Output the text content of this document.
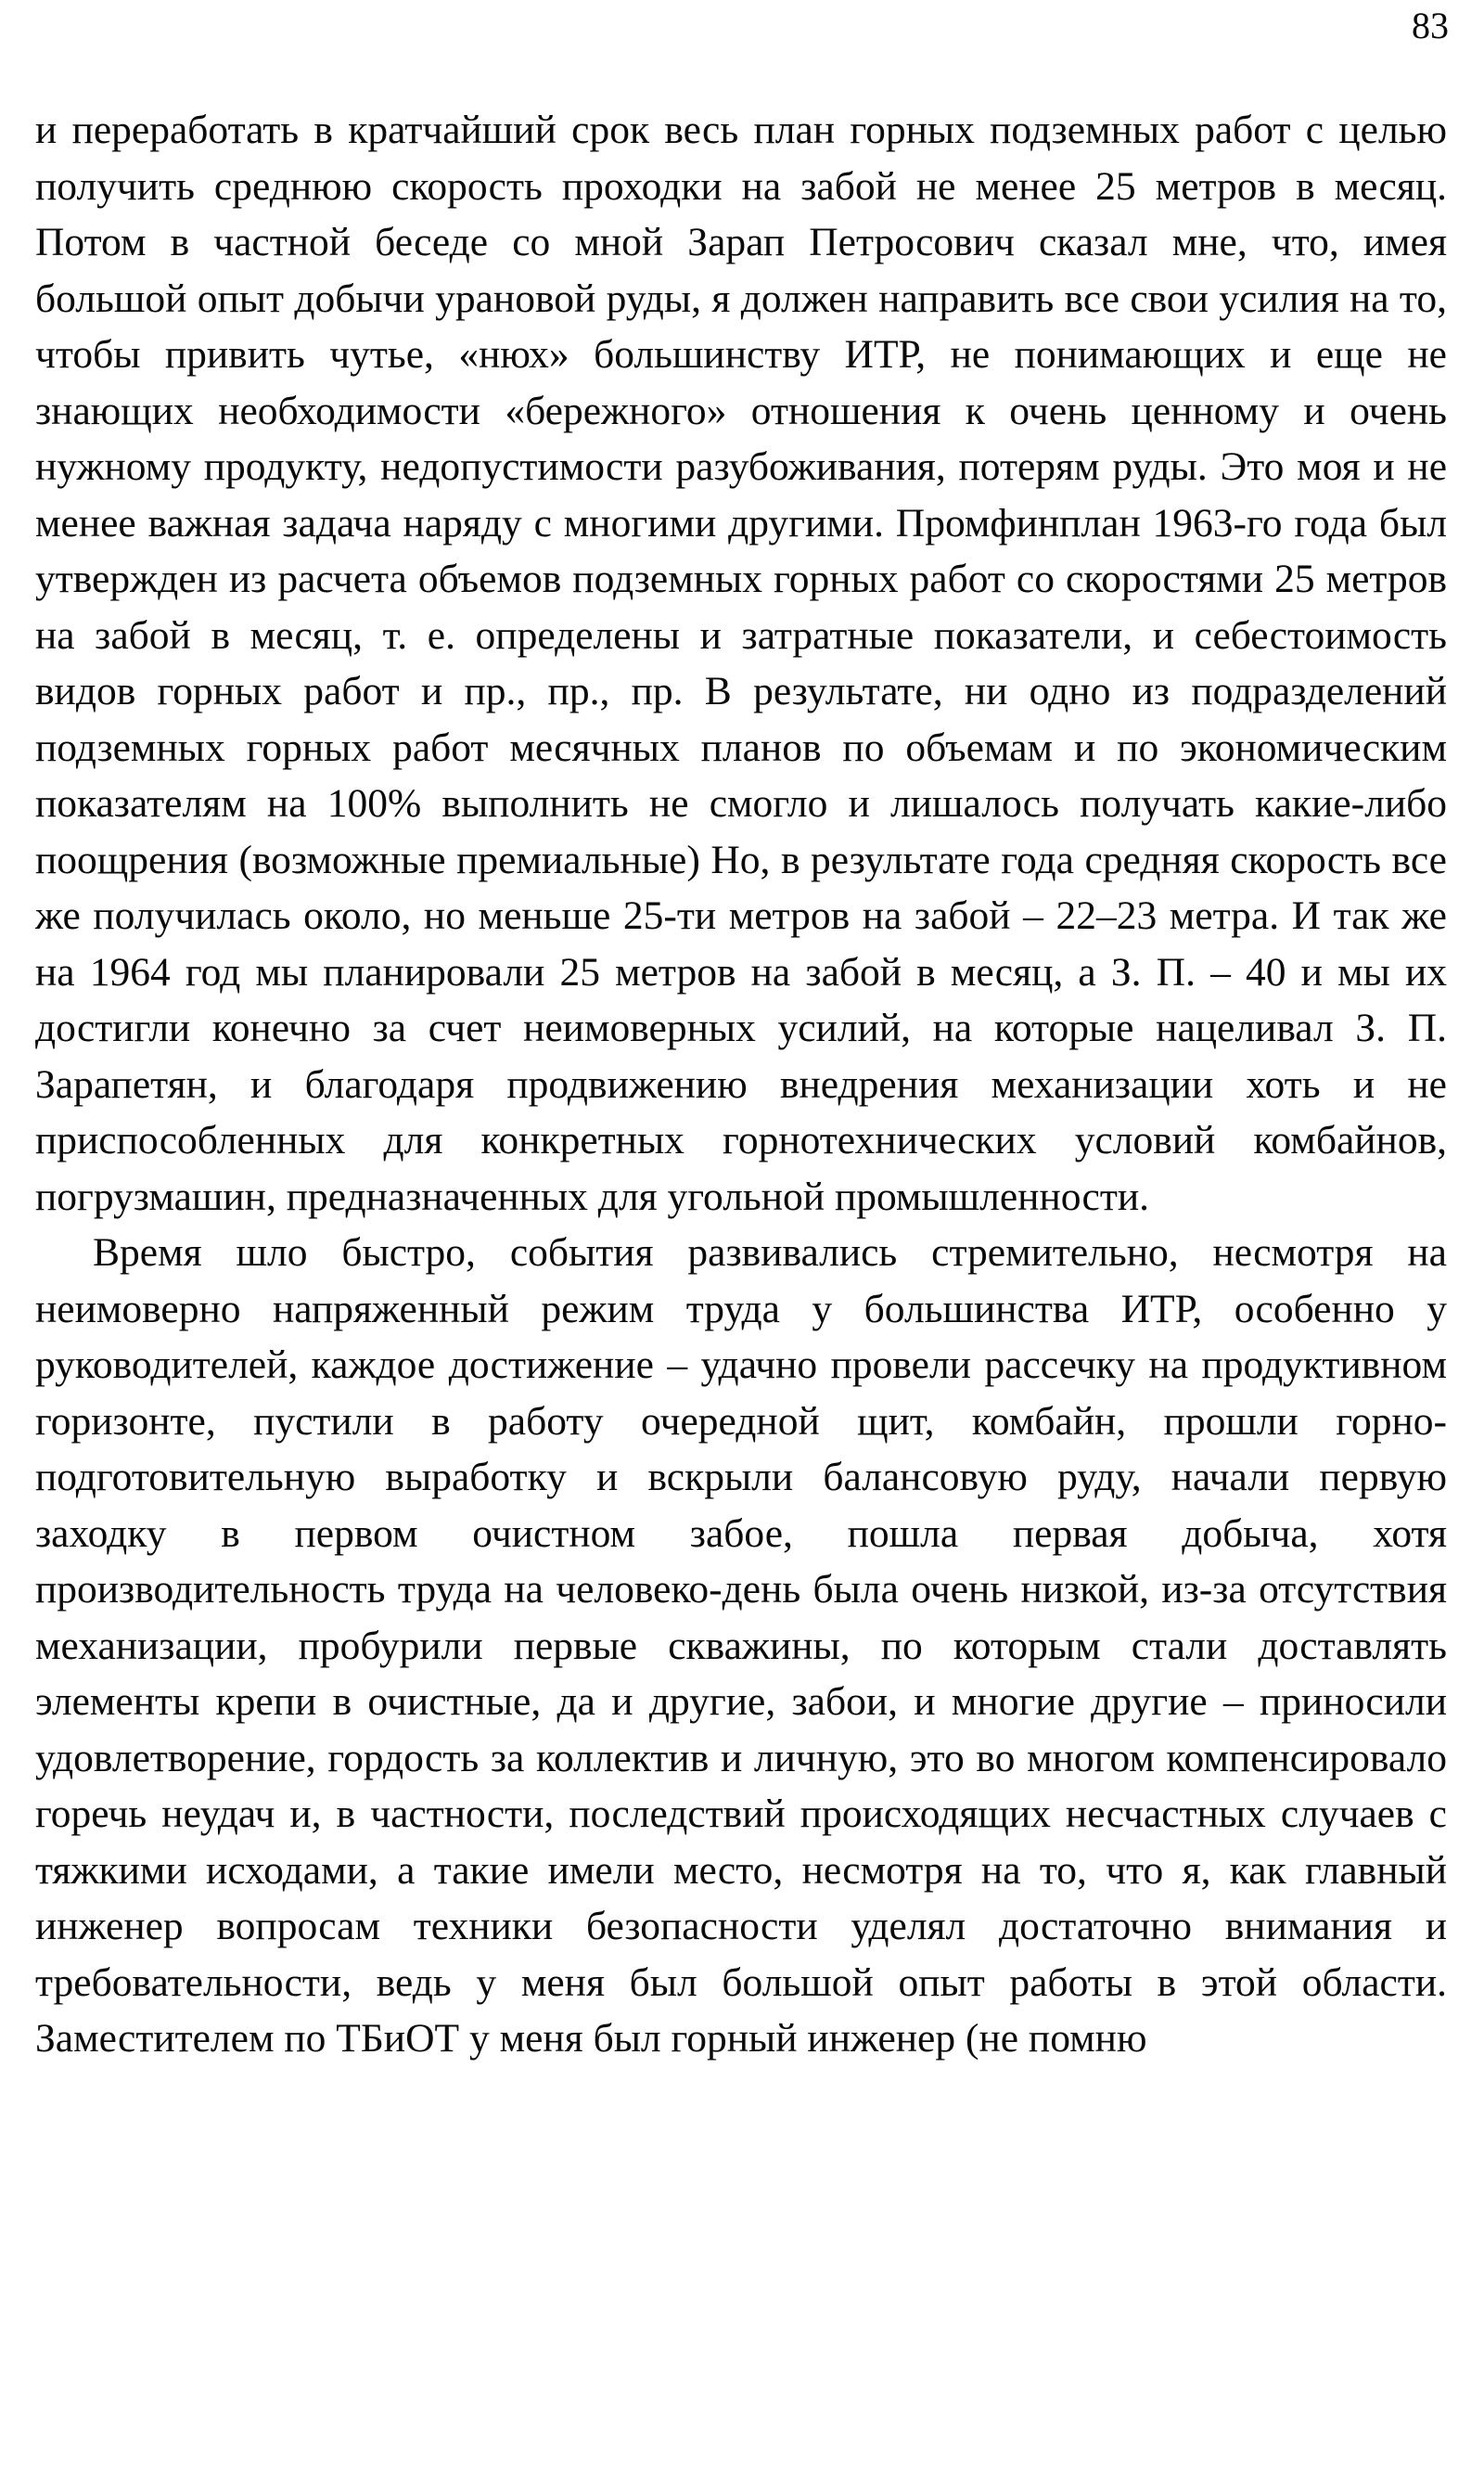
83

и переработать в кратчайший срок весь план горных подземных работ с целью получить среднюю скорость проходки на забой не менее 25 метров в месяц. Потом в частной беседе со мной Зарап Петросович сказал мне, что, имея большой опыт добычи урановой руды, я должен направить все свои усилия на то, чтобы привить чутье, «нюх» большинству ИТР, не понимающих и еще не знающих необходимости «бережного» отношения к очень ценному и очень нужному продукту, недопустимости разубоживания, потерям руды. Это моя и не менее важная задача наряду с многими другими. Промфинплан 1963-го года был утвержден из расчета объемов подземных горных работ со скоростями 25 метров на забой в месяц, т. е. определены и затратные показатели, и себестоимость видов горных работ и пр., пр., пр. В результате, ни одно из подразделений подземных горных работ месячных планов по объемам и по экономическим показателям на 100% выполнить не смогло и лишалось получать какие-либо поощрения (возможные премиальные) Но, в результате года средняя скорость все же получилась около, но меньше 25-ти метров на забой – 22–23 метра. И так же на 1964 год мы планировали 25 метров на забой в месяц, а З. П. – 40 и мы их достигли конечно за счет неимоверных усилий, на которые нацеливал З. П. Зарапетян, и благодаря продвижению внедрения механизации хоть и не приспособленных для конкретных горнотехнических условий комбайнов, погрузмашин, предназначенных для угольной промышленности.

Время шло быстро, события развивались стремительно, несмотря на неимоверно напряженный режим труда у большинства ИТР, особенно у руководителей, каждое достижение – удачно провели рассечку на продуктивном горизонте, пустили в работу очередной щит, комбайн, прошли горно-подготовительную выработку и вскрыли балансовую руду, начали первую заходку в первом очистном забое, пошла первая добыча, хотя производительность труда на человеко-день была очень низкой, из-за отсутствия механизации, пробурили первые скважины, по которым стали доставлять элементы крепи в очистные, да и другие, забои, и многие другие – приносили удовлетворение, гордость за коллектив и личную, это во многом компенсировало горечь неудач и, в частности, последствий происходящих несчастных случаев с тяжкими исходами, а такие имели место, несмотря на то, что я, как главный инженер вопросам техники безопасности уделял достаточно внимания и требовательности, ведь у меня был большой опыт работы в этой области. Заместителем по ТБиОТ у меня был горный инженер (не помню
